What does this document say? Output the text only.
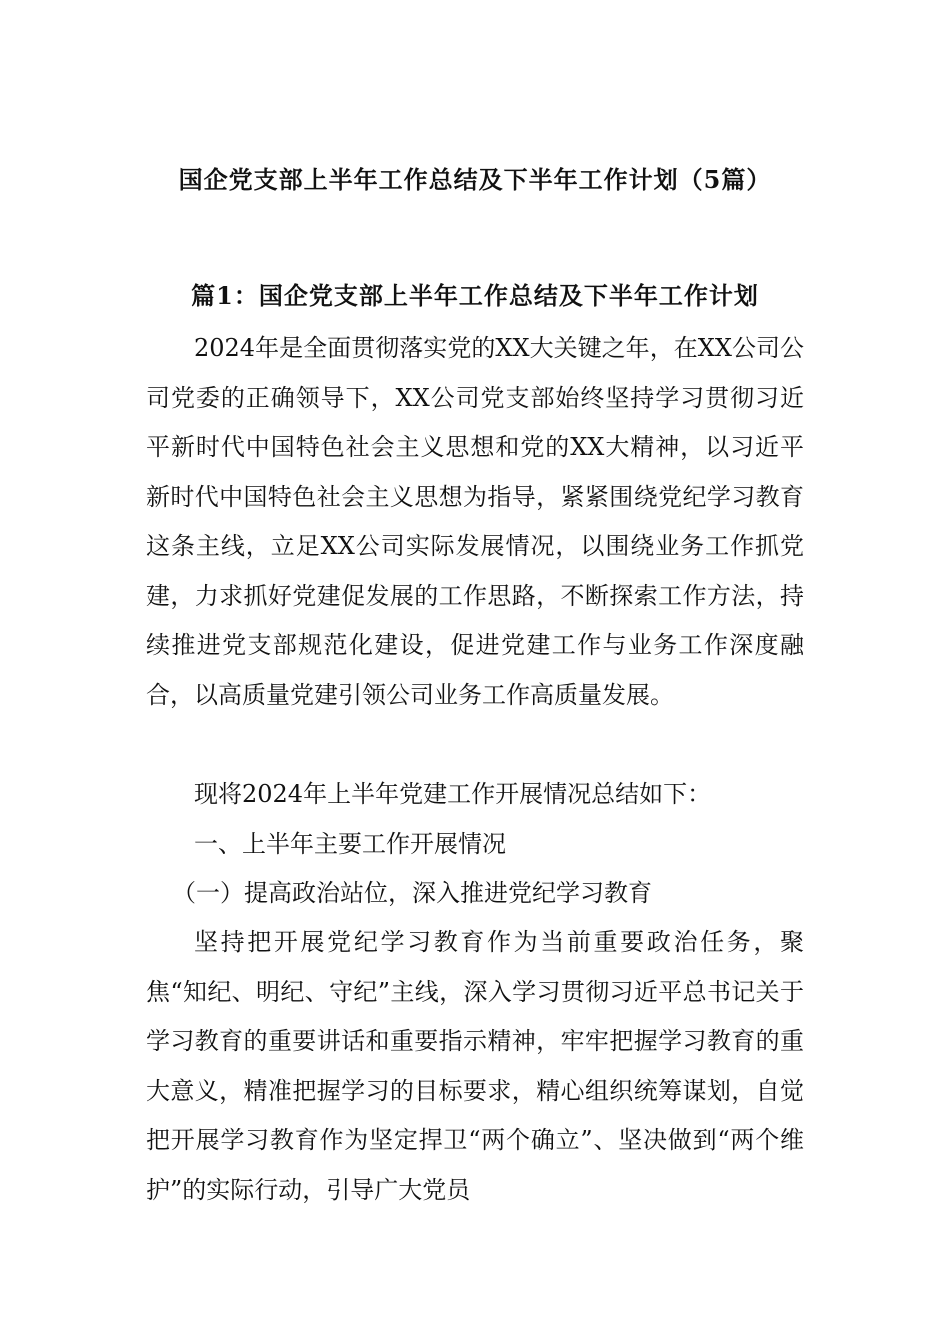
国企党支部上半年工作总结及下半年工作计划（5篇）
篇1：国企党支部上半年工作总结及下半年工作计划
2024年是全面贯彻落实党的XX大关键之年，在XX公司公司党委的正确领导下，XX公司党支部始终坚持学习贯彻习近平新时代中国特色社会主义思想和党的XX大精神，以习近平新时代中国特色社会主义思想为指导，紧紧围绕党纪学习教育这条主线，立足XX公司实际发展情况，以围绕业务工作抓党建，力求抓好党建促发展的工作思路，不断探索工作方法，持续推进党支部规范化建设，促进党建工作与业务工作深度融合，以高质量党建引领公司业务工作高质量发展。
现将2024年上半年党建工作开展情况总结如下：
一、上半年主要工作开展情况
（一）提高政治站位，深入推进党纪学习教育
坚持把开展党纪学习教育作为当前重要政治任务，聚焦“知纪、明纪、守纪”主线，深入学习贯彻习近平总书记关于学习教育的重要讲话和重要指示精神，牢牢把握学习教育的重大意义，精准把握学习的目标要求，精心组织统筹谋划，自觉把开展学习教育作为坚定捍卫“两个确立”、坚决做到“两个维护”的实际行动，引导广大党员
